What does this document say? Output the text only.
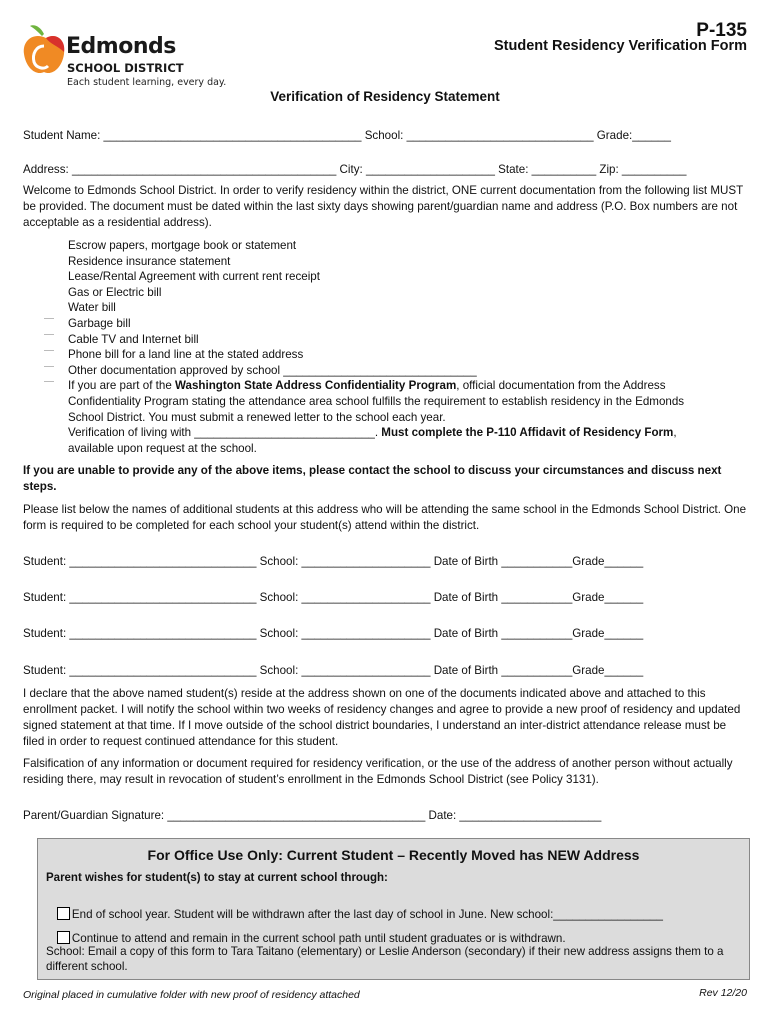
Edmonds
SCHOOL DISTRICT
Each student learning, every day.
P-135
Student Residency Verification Form
Verification of Residency Statement
Student Name: ________________________________________ School: _____________________________ Grade:______
Address: _________________________________________ City: ____________________ State: __________ Zip: __________
Welcome to Edmonds School District. In order to verify residency within the district, ONE current documentation from the following list MUST be provided. The document must be dated within the last sixty days showing parent/guardian name and address (P.O. Box numbers are not acceptable as a residential address).
Escrow papers, mortgage book or statement
Residence insurance statement
Lease/Rental Agreement with current rent receipt
Gas or Electric bill
Water bill
Garbage bill
Cable TV and Internet bill
Phone bill for a land line at the stated address
Other documentation approved by school ______________________________
If you are part of the Washington State Address Confidentiality Program, official documentation from the Address
Confidentiality Program stating the attendance area school fulfills the requirement to establish residency in the Edmonds
School District. You must submit a renewed letter to the school each year.
Verification of living with ____________________________. Must complete the P-110 Affidavit of Residency Form,
available upon request at the school.
If you are unable to provide any of the above items, please contact the school to discuss your circumstances and discuss next steps.
Please list below the names of additional students at this address who will be attending the same school in the Edmonds School District. One form is required to be completed for each school your student(s) attend within the district.
Student: _____________________________ School: ____________________ Date of Birth ___________Grade______
Student: _____________________________ School: ____________________ Date of Birth ___________Grade______
Student: _____________________________ School: ____________________ Date of Birth ___________Grade______
Student: _____________________________ School: ____________________ Date of Birth ___________Grade______
I declare that the above named student(s) reside at the address shown on one of the documents indicated above and attached to this enrollment packet. I will notify the school within two weeks of residency changes and agree to provide a new proof of residency and updated signed statement at that time. If I move outside of the school district boundaries, I understand an inter-district attendance release must be filed in order to request continued attendance for this student.
Falsification of any information or document required for residency verification, or the use of the address of another person without actually residing there, may result in revocation of student’s enrollment in the Edmonds School District (see Policy 3131).
Parent/Guardian Signature: ________________________________________ Date: ______________________
For Office Use Only: Current Student – Recently Moved has NEW Address
Parent wishes for student(s) to stay at current school through:

End of school year. Student will be withdrawn after the last day of school in June. New school:_________________

Continue to attend and remain in the current school path until student graduates or is withdrawn.

School: Email a copy of this form to Tara Taitano (elementary) or Leslie Anderson (secondary) if their new address assigns them to a different school.
Original placed in cumulative folder with new proof of residency attached	Rev 12/20
